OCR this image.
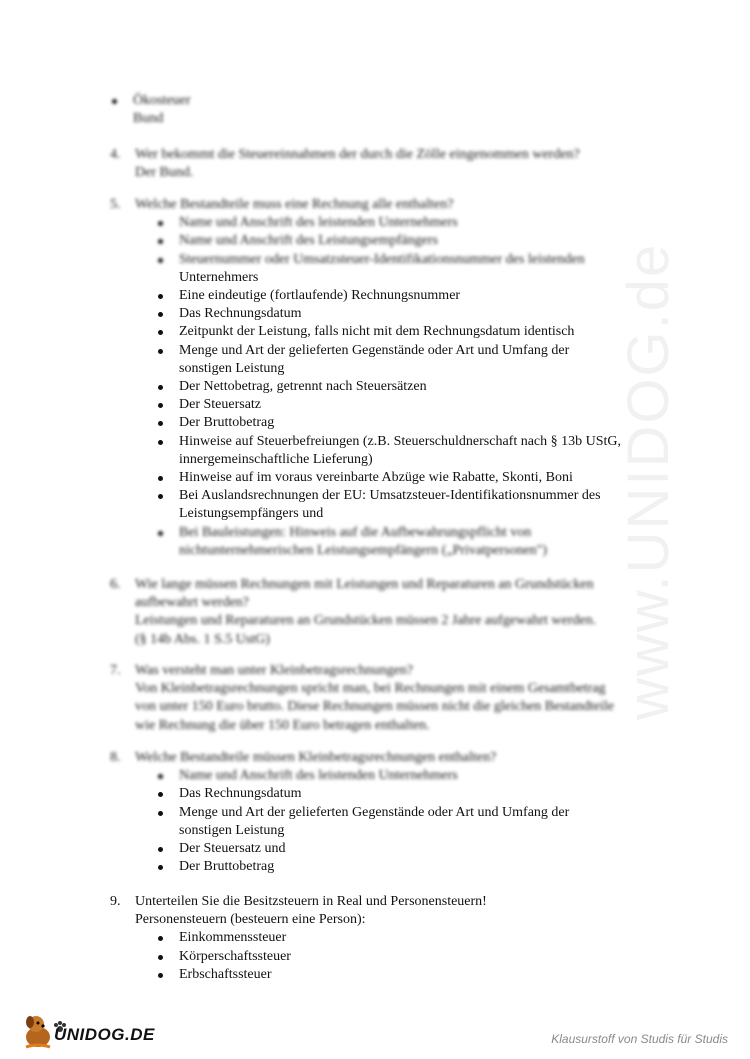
www.UNIDOG.de
Ökosteuer
Bund
4. Wer bekommt die Steuereinnahmen der durch die Zölle eingenommen werden?
Der Bund.
5. Welche Bestandteile muss eine Rechnung alle enthalten?
Name und Anschrift des leistenden Unternehmers
Name und Anschrift des Leistungsempfängers
Steuernummer oder Umsatzsteuer-Identifikationsnummer des leistenden
Unternehmers
Eine eindeutige (fortlaufende) Rechnungsnummer
Das Rechnungsdatum
Zeitpunkt der Leistung, falls nicht mit dem Rechnungsdatum identisch
Menge und Art der gelieferten Gegenstände oder Art und Umfang der
sonstigen Leistung
Der Nettobetrag, getrennt nach Steuersätzen
Der Steuersatz
Der Bruttobetrag
Hinweise auf Steuerbefreiungen (z.B. Steuerschuldnerschaft nach § 13b UStG,
innergemeinschaftliche Lieferung)
Hinweise auf im voraus vereinbarte Abzüge wie Rabatte, Skonti, Boni
Bei Auslandsrechnungen der EU: Umsatzsteuer-Identifikationsnummer des
Leistungsempfängers und
Bei Bauleistungen: Hinweis auf die Aufbewahrungspflicht von
nichtunternehmerischen Leistungsempfängern („Privatpersonen")
6. Wie lange müssen Rechnungen mit Leistungen und Reparaturen an Grundstücken
aufbewahrt werden?
Leistungen und Reparaturen an Grundstücken müssen 2 Jahre aufgewahrt werden.
(§ 14b Abs. 1 S.5 UstG)
7. Was versteht man unter Kleinbetragsrechnungen?
Von Kleinbetragsrechnungen spricht man, bei Rechnungen mit einem Gesamtbetrag
von unter 150 Euro brutto. Diese Rechnungen müssen nicht die gleichen Bestandteile
wie Rechnung die über 150 Euro betragen enthalten.
8. Welche Bestandteile müssen Kleinbetragsrechnungen enthalten?
Name und Anschrift des leistenden Unternehmers
Das Rechnungsdatum
Menge und Art der gelieferten Gegenstände oder Art und Umfang der
sonstigen Leistung
Der Steuersatz und
Der Bruttobetrag
9. Unterteilen Sie die Besitzsteuern in Real und Personensteuern!
Personensteuern (besteuern eine Person):
Einkommenssteuer
Körperschaftssteuer
Erbschaftssteuer
UNIDOG.DE	Klausurstoff von Studis für Studis
